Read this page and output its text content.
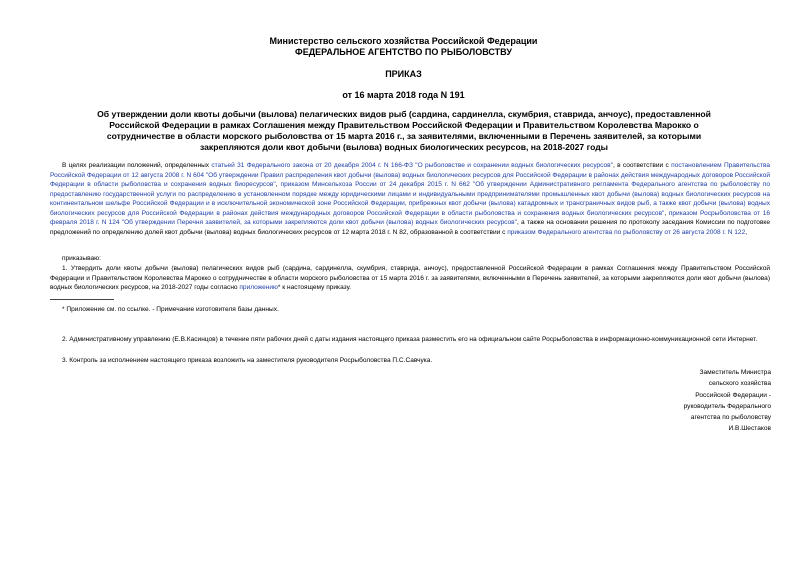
Министерство сельского хозяйства Российской Федерации
ФЕДЕРАЛЬНОЕ АГЕНТСТВО ПО РЫБОЛОВСТВУ
ПРИКАЗ
от 16 марта 2018 года N 191
Об утверждении доли квоты добычи (вылова) пелагических видов рыб (сардина, сардинелла, скумбрия, ставрида, анчоус), предоставленной Российской Федерации в рамках Соглашения между Правительством Российской Федерации и Правительством Королевства Марокко о сотрудничестве в области морского рыболовства от 15 марта 2016 г., за заявителями, включенными в Перечень заявителей, за которыми закрепляются доли квот добычи (вылова) водных биологических ресурсов, на 2018-2027 годы
В целях реализации положений, определенных статьей 31 Федерального закона от 20 декабря 2004 г. N 166-ФЗ "О рыболовстве и сохранении водных биологических ресурсов", в соответствии с постановлением Правительства Российской Федерации от 12 августа 2008 г. N 604 "Об утверждении Правил распределения квот добычи (вылова) водных биологических ресурсов для Российской Федерации в районах действия международных договоров Российской Федерации в области рыболовства и сохранения водных биоресурсов", приказом Минсельхоза России от 24 декабря 2015 г. N 662 "Об утверждении Административного регламента Федерального агентства по рыболовству по предоставлению государственной услуги по распределению в установленном порядке между юридическими лицами и индивидуальными предпринимателями промышленных квот добычи (вылова) водных биологических ресурсов на континентальном шельфе Российской Федерации и в исключительной экономической зоне Российской Федерации, прибрежных квот добычи (вылова) катадромных и трансграничных видов рыб, а также квот добычи (вылова) водных биологических ресурсов для Российской Федерации в районах действия международных договоров Российской Федерации в области рыболовства и сохранения водных биологических ресурсов", приказом Росрыболовства от 16 февраля 2018 г. N 124 "Об утверждении Перечня заявителей, за которыми закрепляются доли квот добычи (вылова) водных биологических ресурсов", а также на основании решения по протоколу заседания Комиссии по подготовке предложений по определению долей квот добычи (вылова) водных биологических ресурсов от 12 марта 2018 г. N 82, образованной в соответствии с приказом Федерального агентства по рыболовству от 26 августа 2008 г. N 122,
приказываю:
1. Утвердить доли квоты добычи (вылова) пелагических видов рыб (сардина, сардинелла, скумбрия, ставрида, анчоус), предоставленной Российской Федерации в рамках Соглашения между Правительством Российской Федерации и Правительством Королевства Марокко о сотрудничестве в области морского рыболовства от 15 марта 2016 г. за заявителями, включенными в Перечень заявителей, за которыми закрепляются доли квот добычи (вылова) водных биологических ресурсов, на 2018-2027 годы согласно приложению* к настоящему приказу.
* Приложение см. по ссылке. - Примечание изготовителя базы данных.
2. Административному управлению (Е.В.Касинцов) в течение пяти рабочих дней с даты издания настоящего приказа разместить его на официальном сайте Росрыболовства в информационно-коммуникационной сети Интернет.
3. Контроль за исполнением настоящего приказа возложить на заместителя руководителя Росрыболовства П.С.Савчука.
Заместитель Министра
сельского хозяйства
Российской Федерации -
руководитель Федерального
агентства по рыболовству
И.В.Шестаков
